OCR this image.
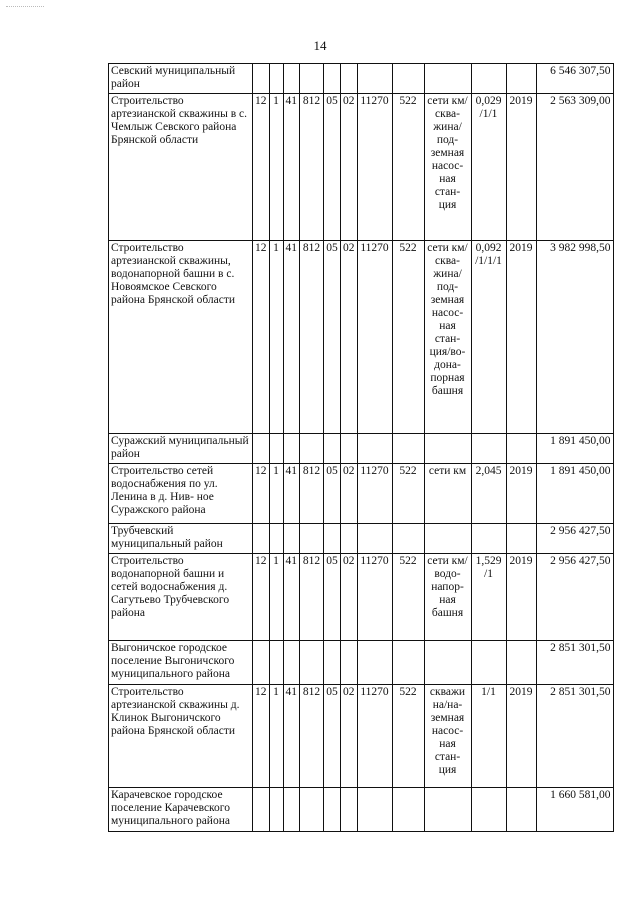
14
Севский муниципальный район												6 546 307,50
Строительство артезианской скважины в с. Чемлыж Севского района Брянской области	12	1	41	812	05	02	11270	522	сети км/ сква- жина/ под- земная насос- ная стан- ция	0,029 /1/1	2019	2 563 309,00
Строительство артезианской скважины, водонапорной башни в с. Новоямское Севского района Брянской области	12	1	41	812	05	02	11270	522	сети км/ сква- жина/ под- земная насос- ная стан- ция/во- дона- порная башня	0,092 /1/1/1	2019	3 982 998,50
Суражский муниципальный район												1 891 450,00
Строительство сетей водоснабжения по ул. Ленина в д. Нив- ное Суражского района	12	1	41	812	05	02	11270	522	сети км	2,045	2019	1 891 450,00
Трубчевский муниципальный район												2 956 427,50
Строительство водонапорной башни и сетей водоснабжения д. Сагутьево Трубчевского района	12	1	41	812	05	02	11270	522	сети км/ водо- напор- ная башня	1,529 /1	2019	2 956 427,50
Выгоничское городское поселение Выгоничского муниципального района												2 851 301,50
Строительство артезианской скважины д. Клинок Выгоничского района Брянской области	12	1	41	812	05	02	11270	522	скважи на/на- земная насос- ная стан- ция	1/1	2019	2 851 301,50
Карачевское городское поселение Карачевского муниципального района												1 660 581,00
